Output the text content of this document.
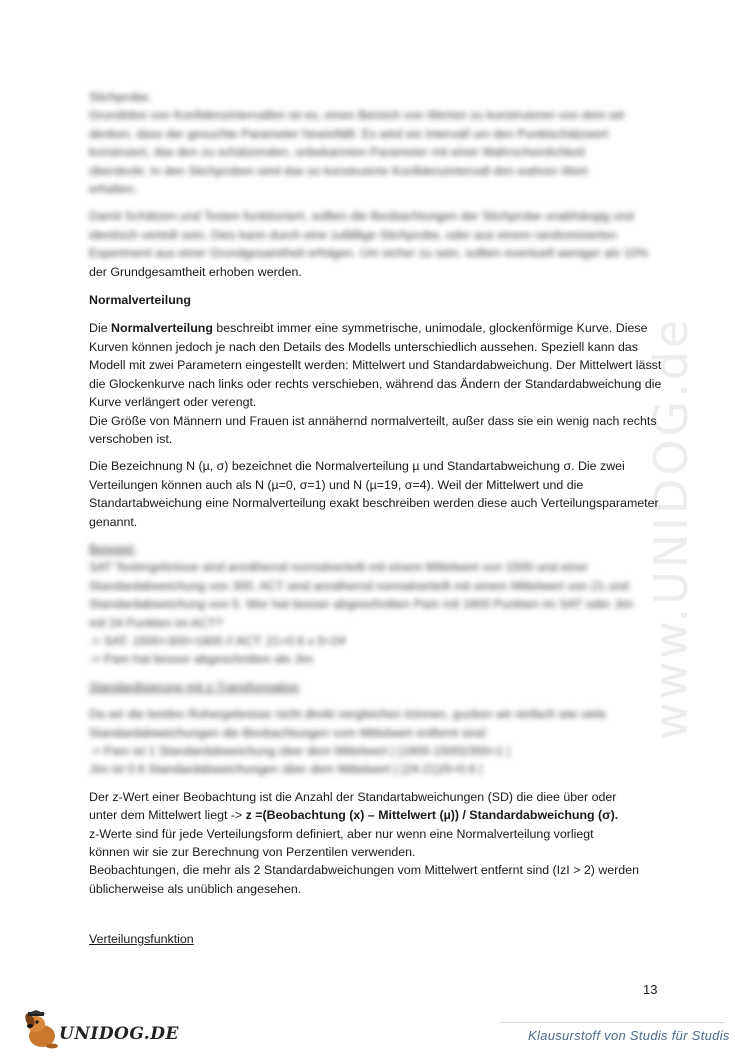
www.UNIDOG.de

Stichprobe.
Grundidee von Konfidenzintervallen ist es, einen Bereich von Werten zu konstruieren von dem wir
denken, dass der gesuchte Parameter hineinfällt. Es wird ein Intervall um den Punktschätzwert
konstruiert, das den zu schätzenden, unbekannten Parameter mit einer Wahrscheinlichkeit
überdeckt. In den Stichproben wird das so konstruierte Konfidenzintervall den wahren Wert
erhalten.

Damit Schätzen und Testen funktioniert, sollten die Beobachtungen der Stichprobe unabhängig und
identisch verteilt sein. Dies kann durch eine zufällige Stichprobe, oder aus einem randomisierten
Experiment aus einer Grundgesamtheit erfolgen. Um sicher zu sein, sollten eventuell weniger als 10%
der Grundgesamtheit erhoben werden.

Normalverteilung

Die Normalverteilung beschreibt immer eine symmetrische, unimodale, glockenförmige Kurve. Diese Kurven können jedoch je nach den Details des Modells unterschiedlich aussehen. Speziell kann das Modell mit zwei Parametern eingestellt werden: Mittelwert und Standardabweichung. Der Mittelwert lässt die Glockenkurve nach links oder rechts verschieben, während das Ändern der Standardabweichung die Kurve verlängert oder verengt.
Die Größe von Männern und Frauen ist annähernd normalverteilt, außer dass sie ein wenig nach rechts verschoben ist.

Die Bezeichnung N (µ, σ) bezeichnet die Normalverteilung µ und Standartabweichung σ. Die zwei Verteilungen können auch als N (µ=0, σ=1) und N (µ=19, σ=4). Weil der Mittelwert und die Standartabweichung eine Normalverteilung exakt beschreiben werden diese auch Verteilungsparameter genannt.

Beispiel:
SAT Testergebnisse sind annähernd normalverteilt mit einem Mittelwert von 1500 und einer
Standardabweichung von 300. ACT sind annähernd normalverteilt mit einem Mittelwert von 21 und
Standardabweichung von 5. Wer hat besser abgeschnitten Pam mit 1800 Punkten im SAT oder Jim
mit 24 Punkten im ACT?
-> SAT: 1500+300=1800 // ACT: 21+0.6 x 5=24
-> Pam hat besser abgeschnitten als Jim

Standardisierung mit z-Transformation

Da wir die beiden Rohergebnisse nicht direkt vergleichen können, gucken wir einfach wie viele
Standardabweichungen die Beobachtungen vom Mittelwert entfernt sind:
-> Pam ist 1 Standardabweichung über dem Mittelwert | (1800-1500)/300=1 |
Jim ist 0.6 Standardabweichungen über dem Mittelwert | (24-21)/5=0.6 |

Der z-Wert einer Beobachtung ist die Anzahl der Standartabweichungen (SD) die diee über oder
unter dem Mittelwert liegt -> z =(Beobachtung (x) – Mittelwert (µ)) / Standardabweichung (σ).
z-Werte sind für jede Verteilungsform definiert, aber nur wenn eine Normalverteilung vorliegt
können wir sie zur Berechnung von Perzentilen verwenden.
Beobachtungen, die mehr als 2 Standardabweichungen vom Mittelwert entfernt sind (IzI > 2) werden
üblicherweise als unüblich angesehen.

Verteilungsfunktion

13
UNIDOG.DE	Klausurstoff von Studis für Studis
